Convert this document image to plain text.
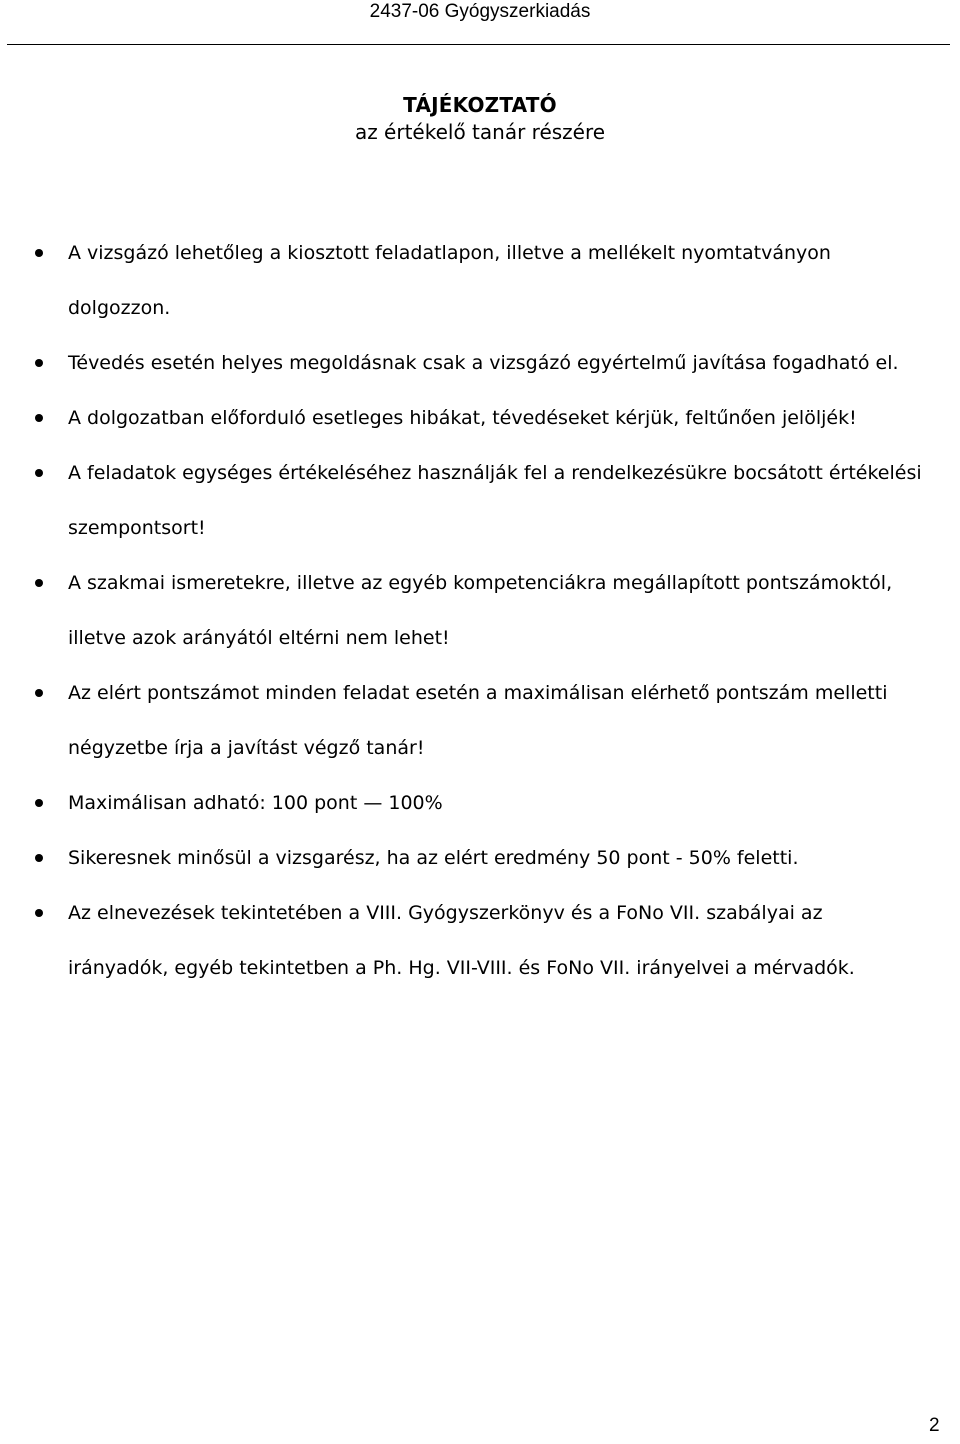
2437-06 Gyógyszerkiadás
TÁJÉKOZTATÓ
az értékelő tanár részére
A vizsgázó lehetőleg a kiosztott feladatlapon, illetve a mellékelt nyomtatványon
dolgozzon.
Tévedés esetén helyes megoldásnak csak a vizsgázó egyértelmű javítása fogadható el.
A dolgozatban előforduló esetleges hibákat, tévedéseket kérjük, feltűnően jelöljék!
A feladatok egységes értékeléséhez használják fel a rendelkezésükre bocsátott értékelési
szempontsort!
A szakmai ismeretekre, illetve az egyéb kompetenciákra megállapított pontszámoktól,
illetve azok arányától eltérni nem lehet!
Az elért pontszámot minden feladat esetén a maximálisan elérhető pontszám melletti
négyzetbe írja a javítást végző tanár!
Maximálisan adható: 100 pont — 100%
Sikeresnek minősül a vizsgarész, ha az elért eredmény 50 pont - 50% feletti.
Az elnevezések tekintetében a VIII. Gyógyszerkönyv és a FoNo VII. szabályai az
irányadók, egyéb tekintetben a Ph. Hg. VII-VIII. és FoNo VII. irányelvei a mérvadók.
2
